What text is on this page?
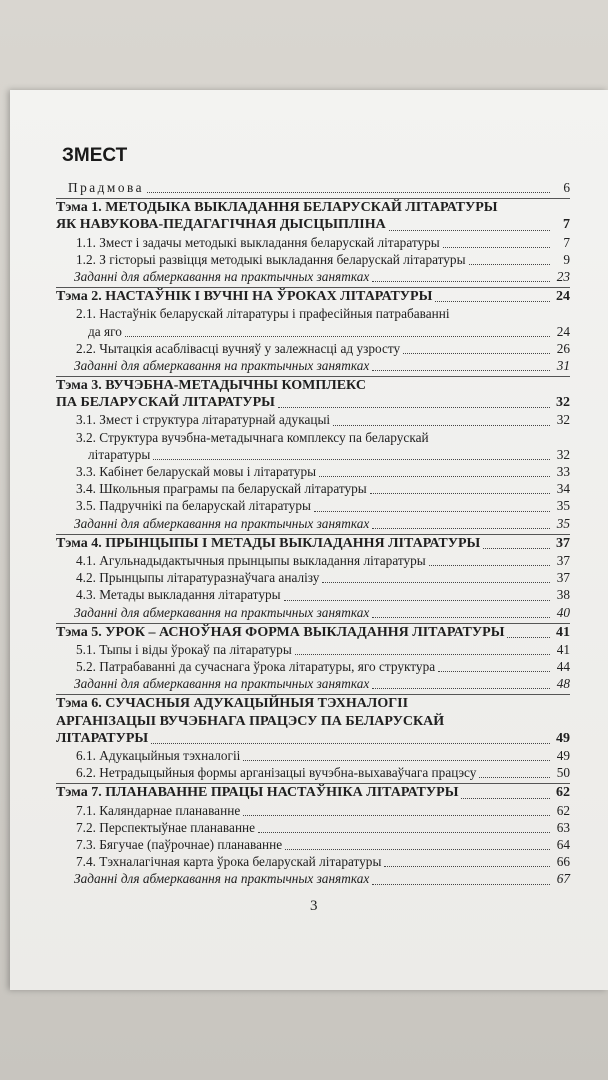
ЗМЕСТ
Прадмова	6
Тэма 1. МЕТОДЫКА ВЫКЛАДАННЯ БЕЛАРУСКАЙ ЛІТАРАТУРЫ
ЯК НАВУКОВА-ПЕДАГАГІЧНАЯ ДЫСЦЫПЛІНА	7
1.1. Змест і задачы методыкі выкладання беларускай літаратуры	7
1.2. З гісторыі развіцця методыкі выкладання беларускай літаратуры	9
Заданні для абмеркавання на практычных занятках	23
Тэма 2. НАСТАЎНІК І ВУЧНІ НА ЎРОКАХ ЛІТАРАТУРЫ	24
2.1. Настаўнік беларускай літаратуры і прафесійныя патрабаванні
да яго	24
2.2. Чытацкія асаблівасці вучняў у залежнасці ад узросту	26
Заданні для абмеркавання на практычных занятках	31
Тэма 3. ВУЧЭБНА-МЕТАДЫЧНЫ КОМПЛЕКС
ПА БЕЛАРУСКАЙ ЛІТАРАТУРЫ	32
3.1. Змест і структура літаратурнай адукацыі	32
3.2. Структура вучэбна-метадычнага комплексу па беларускай
літаратуры	32
3.3. Кабінет беларускай мовы і літаратуры	33
3.4. Школьныя праграмы па беларускай літаратуры	34
3.5. Падручнікі па беларускай літаратуры	35
Заданні для абмеркавання на практычных занятках	35
Тэма 4. ПРЫНЦЫПЫ І МЕТАДЫ ВЫКЛАДАННЯ ЛІТАРАТУРЫ	37
4.1. Агульнадыдактычныя прынцыпы выкладання літаратуры	37
4.2. Прынцыпы літаратуразнаўчага аналізу	37
4.3. Метады выкладання літаратуры	38
Заданні для абмеркавання на практычных занятках	40
Тэма 5. УРОК – АСНОЎНАЯ ФОРМА ВЫКЛАДАННЯ ЛІТАРАТУРЫ	41
5.1. Тыпы і віды ўрокаў па літаратуры	41
5.2. Патрабаванні да сучаснага ўрока літаратуры, яго структура	44
Заданні для абмеркавання на практычных занятках	48
Тэма 6. СУЧАСНЫЯ АДУКАЦЫЙНЫЯ ТЭХНАЛОГІІ
АРГАНІЗАЦЫІ ВУЧЭБНАГА ПРАЦЭСУ ПА БЕЛАРУСКАЙ
ЛІТАРАТУРЫ	49
6.1. Адукацыйныя тэхналогіі	49
6.2. Нетрадыцыйныя формы арганізацыі вучэбна-выхаваўчага працэсу	50
Тэма 7. ПЛАНАВАННЕ ПРАЦЫ НАСТАЎНІКА ЛІТАРАТУРЫ	62
7.1. Каляндарнае планаванне	62
7.2. Перспектыўнае планаванне	63
7.3. Бягучае (паўрочнае) планаванне	64
7.4. Тэхналагічная карта ўрока беларускай літаратуры	66
Заданні для абмеркавання на практычных занятках	67
3
